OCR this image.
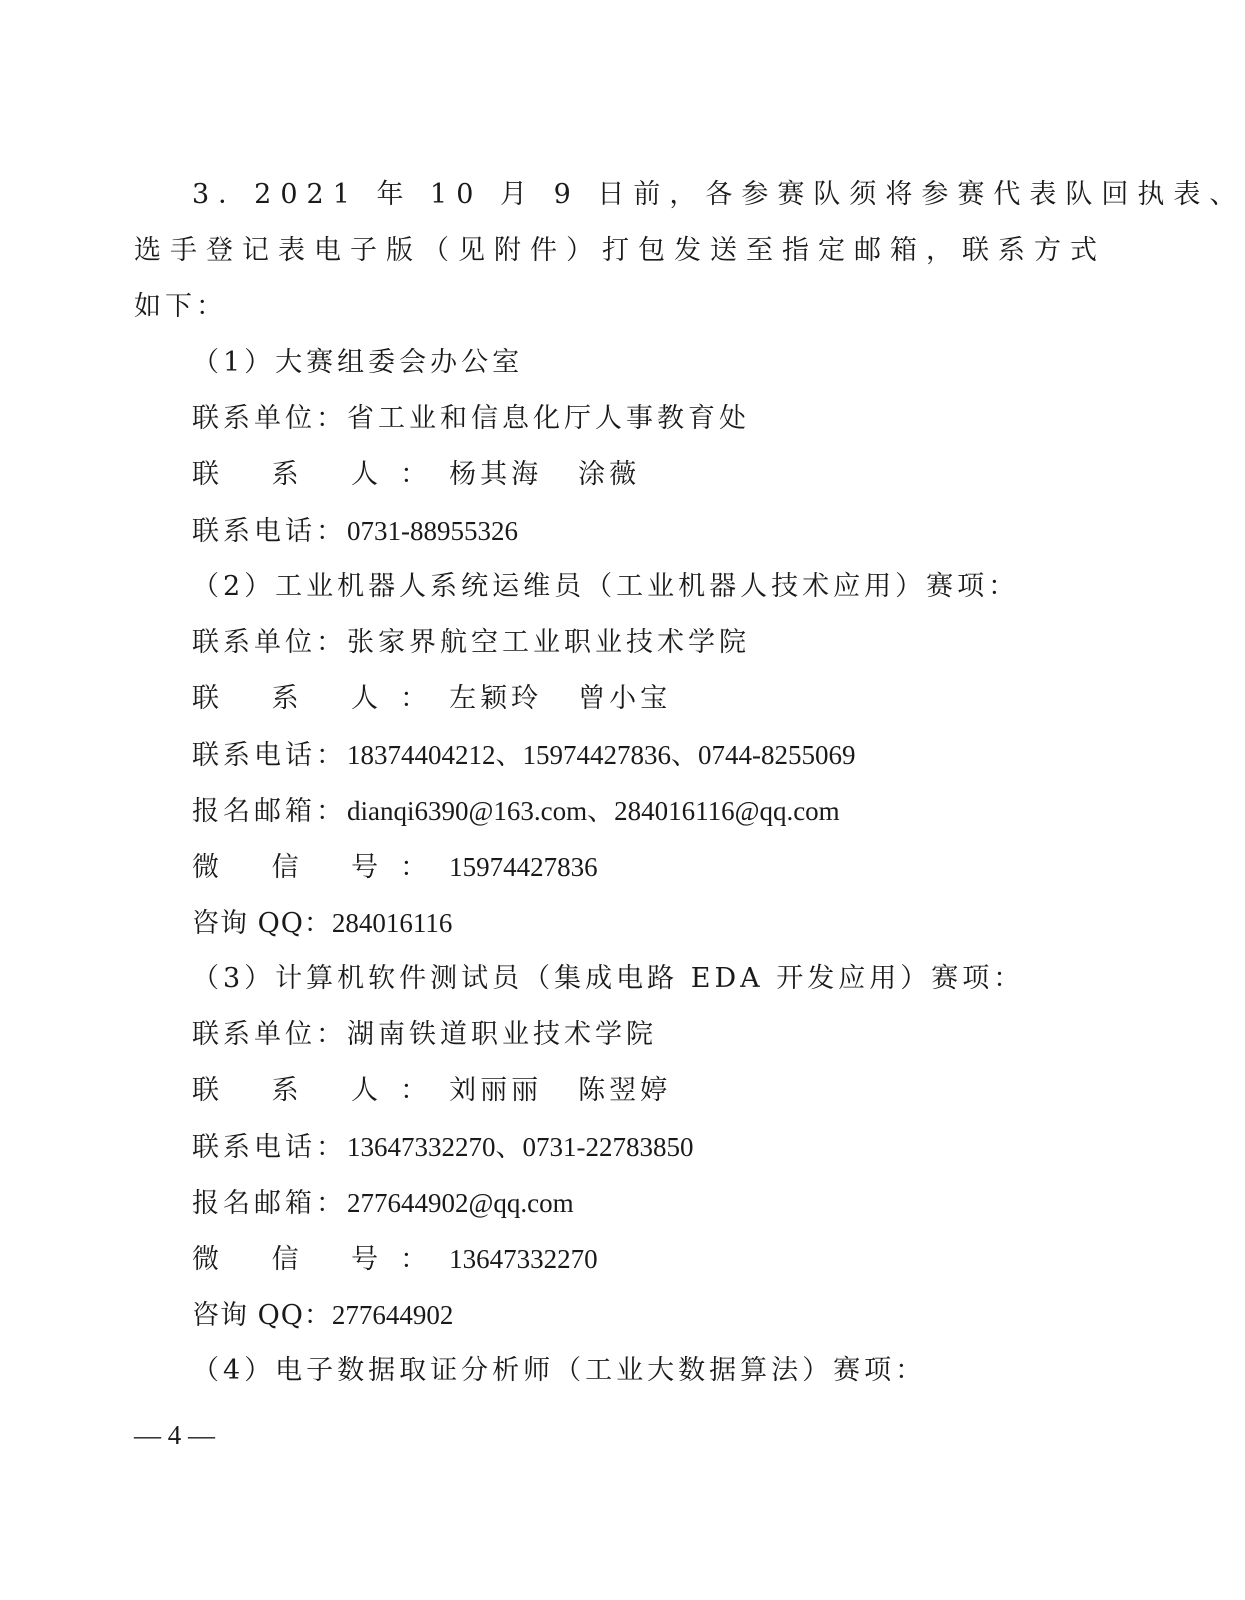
3．2021 年 10 月 9 日前，各参赛队须将参赛代表队回执表、
选手登记表电子版（见附件）打包发送至指定邮箱，联系方式
如下：
（1）大赛组委会办公室
联系单位：省工业和信息化厅人事教育处
联 系 人：杨其海 涂薇
联系电话：0731-88955326
（2）工业机器人系统运维员（工业机器人技术应用）赛项：
联系单位：张家界航空工业职业技术学院
联 系 人：左颖玲 曾小宝
联系电话：18374404212、15974427836、0744-8255069
报名邮箱：dianqi6390@163.com、284016116@qq.com
微 信 号：15974427836
咨询 QQ：284016116
（3）计算机软件测试员（集成电路 EDA 开发应用）赛项：
联系单位：湖南铁道职业技术学院
联 系 人：刘丽丽 陈翌婷
联系电话：13647332270、0731-22783850
报名邮箱：277644902@qq.com
微 信 号：13647332270
咨询 QQ：277644902
（4）电子数据取证分析师（工业大数据算法）赛项：
— 4 —
